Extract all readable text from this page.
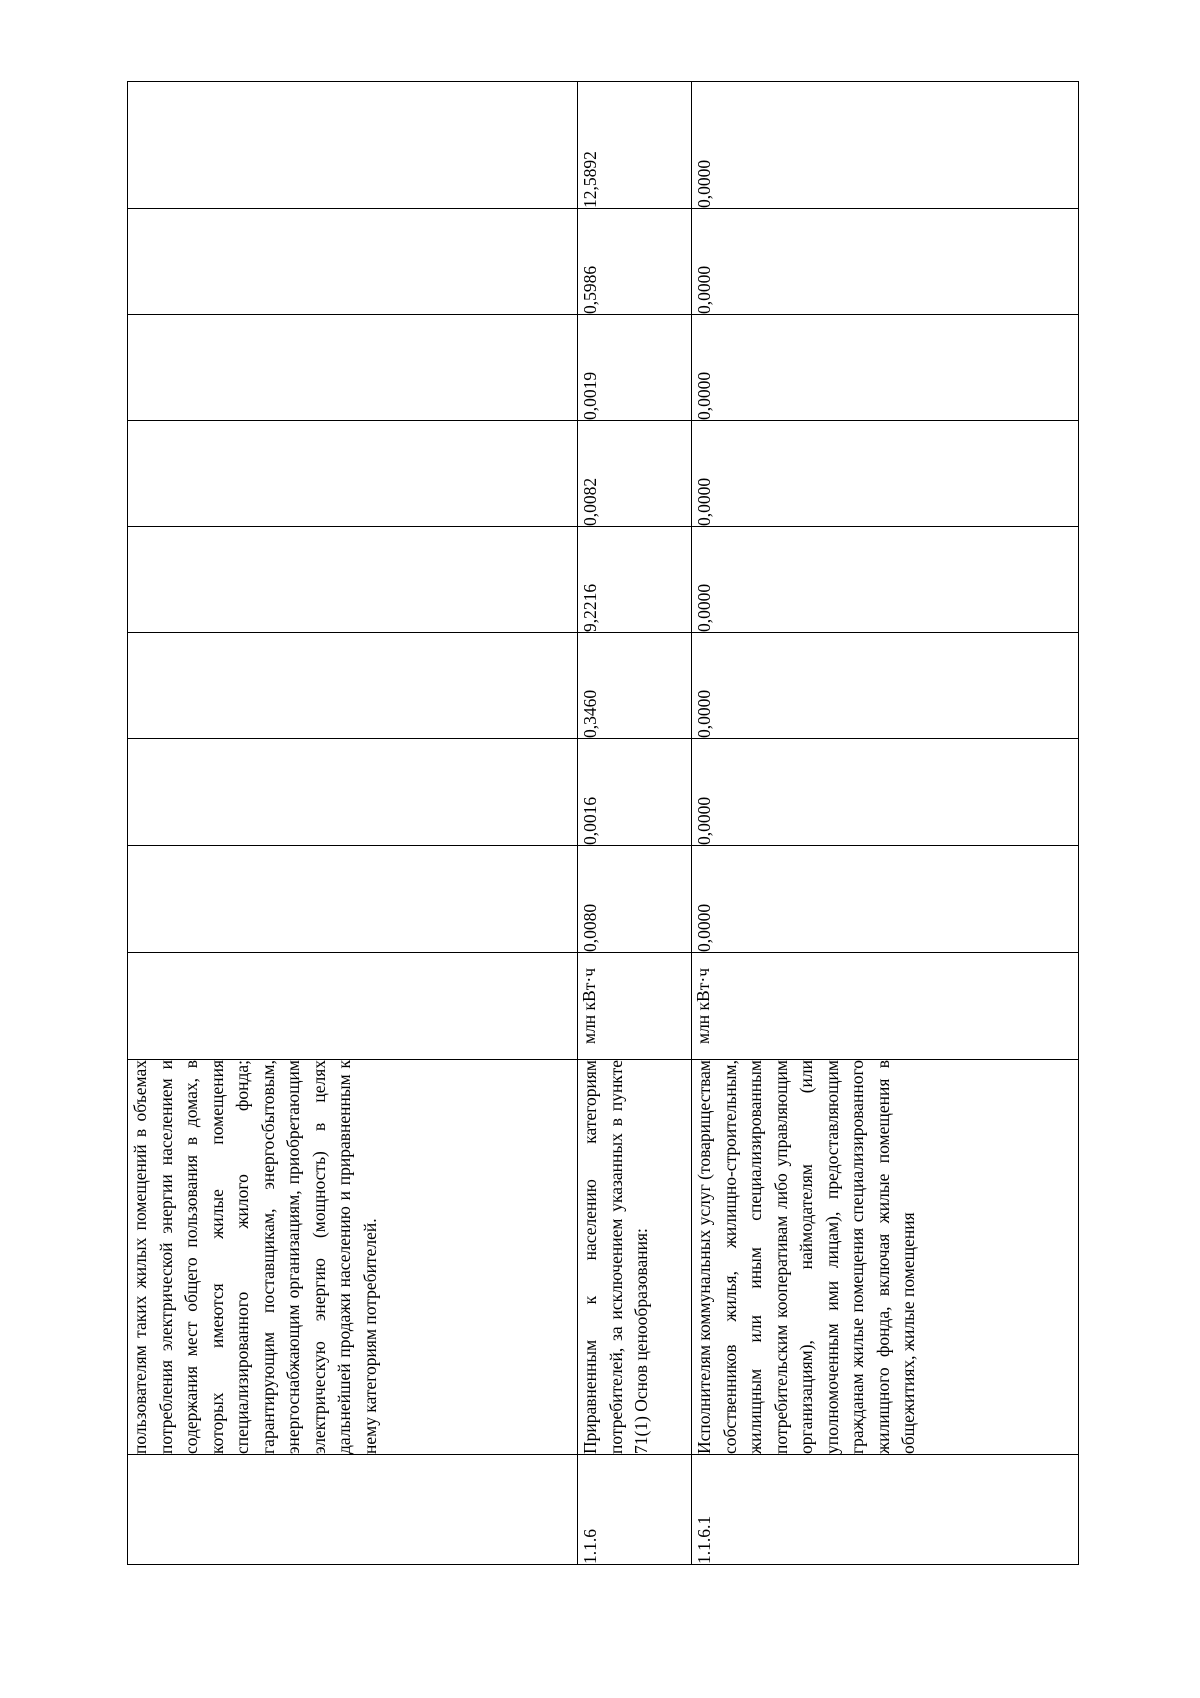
	пользователям таких жилых помещений в объемах потребления электрической энергии населением и содержания мест общего пользования в домах, в которых имеются жилые помещения специализированного жилого фонда; гарантирующим поставщикам, энергосбытовым, энергоснабжающим организациям, приобретающим электрическую энергию (мощность) в целях дальнейшей продажи населению и приравненным к нему категориям потребителей.									

1.1.6	Приравненным к населению категориям потребителей, за исключением указанных в пункте 71(1) Основ ценообразования:	млн кВт·ч	0,0080	0,0016	0,3460	9,2216	0,0082	0,0019	0,5986	12,5892
1.1.6.1	Исполнителям коммунальных услуг (товариществам собственников жилья, жилищно-строительным, жилищным или иным специализированным потребительским кооперативам либо управляющим организациям), наймодателям (или уполномоченным ими лицам), предоставляющим гражданам жилые помещения специализированного жилищного фонда, включая жилые помещения в общежитиях, жилые помещения	млн кВт·ч	0,0000	0,0000	0,0000	0,0000	0,0000	0,0000	0,0000	0,0000
